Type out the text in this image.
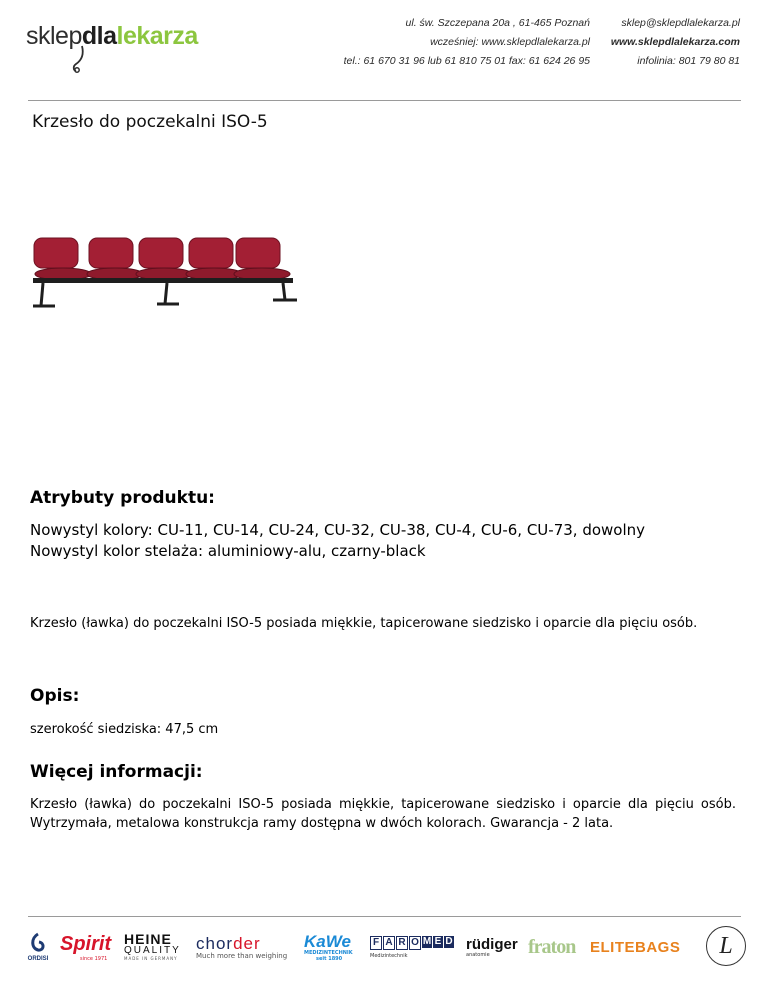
sklepdlalekarza	ul. św. Szczepana 20a , 61-465 Poznań
wcześniej: www.sklepdlalekarza.pl
tel.: 61 670 31 96 lub 61 810 75 01 fax: 61 624 26 95
sklep@sklepdlalekarza.pl
www.sklepdlalekarza.com
infolinia: 801 79 80 81
Krzesło do poczekalni ISO-5
Atrybuty produktu:
Nowystyl kolory: CU-11, CU-14, CU-24, CU-32, CU-38, CU-4, CU-6, CU-73, dowolny
Nowystyl kolor stelaża: aluminiowy-alu, czarny-black
Krzesło (ławka) do poczekalni ISO-5 posiada miękkie, tapicerowane siedzisko i oparcie dla pięciu osób.
Opis:
szerokość siedziska: 47,5 cm
Więcej informacji:
Krzesło (ławka) do poczekalni ISO-5 posiada miękkie, tapicerowane siedzisko i oparcie dla pięciu osób. Wytrzymała, metalowa konstrukcja ramy dostępna w dwóch kolorach. Gwarancja - 2 lata.
ORDISI
Spirit
since 1971
HEINE
QUALITY
MADE IN GERMANY
chorder
Much more than weighing
KaWe
MEDIZINTECHNIK
seit 1890
F A R O M E D
Medizintechnik
rüdiger
anatomie fraton ELITEBAGS	L
